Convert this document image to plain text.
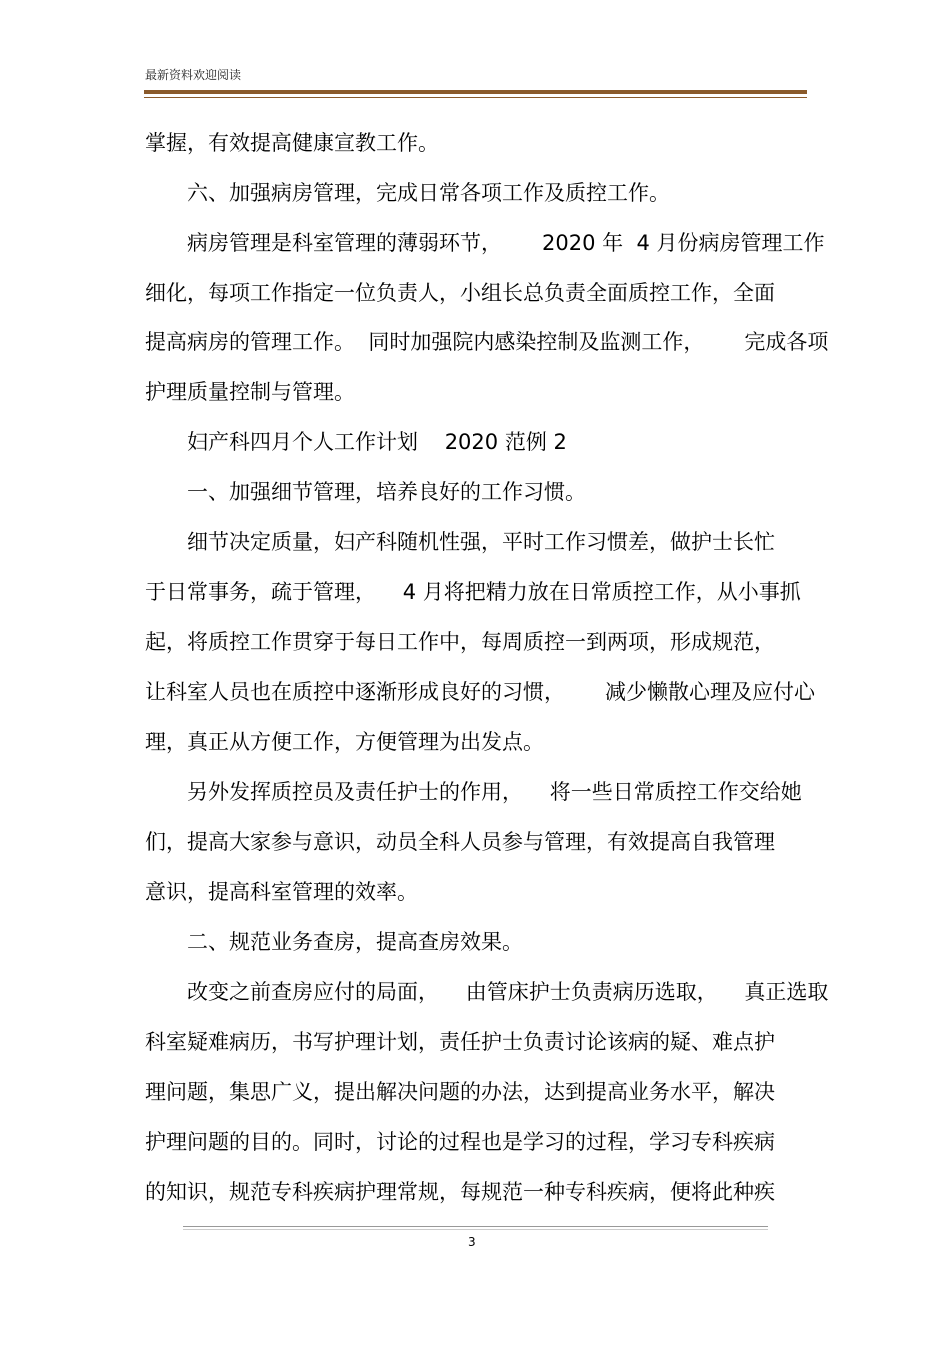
最新资料欢迎阅读
掌握，有效提高健康宣教工作。
六、加强病房管理，完成日常各项工作及质控工作。
病房管理是科室管理的薄弱环节，      2020 年  4 月份病房管理工作
细化，每项工作指定一位负责人，小组长总负责全面质控工作，全面
提高病房的管理工作。  同时加强院内感染控制及监测工作，      完成各项
护理质量控制与管理。
妇产科四月个人工作计划    2020 范例 2
一、加强细节管理，培养良好的工作习惯。
细节决定质量，妇产科随机性强，平时工作习惯差，做护士长忙
于日常事务，疏于管理，    4 月将把精力放在日常质控工作，从小事抓
起，将质控工作贯穿于每日工作中，每周质控一到两项，形成规范，
让科室人员也在质控中逐渐形成良好的习惯，      减少懒散心理及应付心
理，真正从方便工作，方便管理为出发点。
另外发挥质控员及责任护士的作用，    将一些日常质控工作交给她
们，提高大家参与意识，动员全科人员参与管理，有效提高自我管理
意识，提高科室管理的效率。
二、规范业务查房，提高查房效果。
改变之前查房应付的局面，    由管床护士负责病历选取，    真正选取
科室疑难病历，书写护理计划，责任护士负责讨论该病的疑、难点护
理问题，集思广义，提出解决问题的办法，达到提高业务水平，解决
护理问题的目的。同时，讨论的过程也是学习的过程，学习专科疾病
的知识，规范专科疾病护理常规，每规范一种专科疾病，便将此种疾
3
